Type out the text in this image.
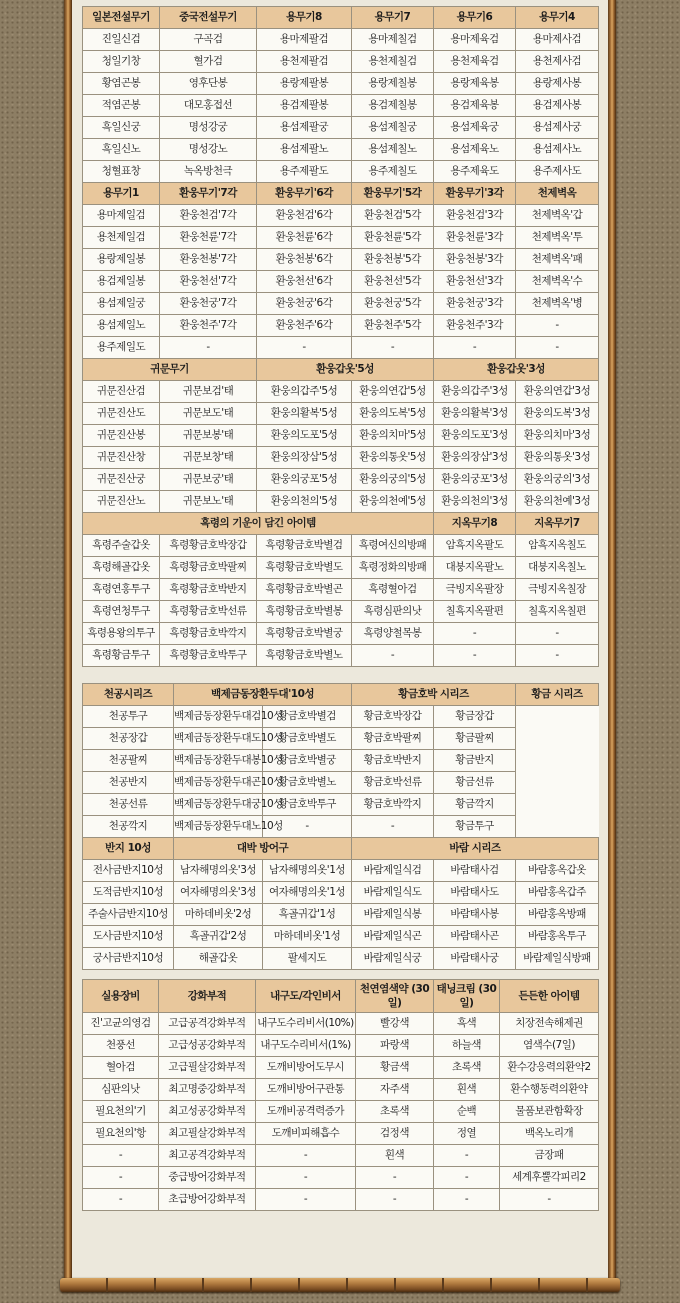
일본전설무기	중국전설무기	용무기8	용무기7	용무기6	용무기4
진일신검	구곡검	용마제팔검	용마제칠검	용마제육검	용마제사검
청일기창	혈가검	용천제팔검	용천제칠검	용천제육검	용천제사검
황염곤봉	영후단봉	용랑제팔봉	용랑제칠봉	용랑제육봉	용랑제사봉
적염곤봉	대모홍접선	용검제팔봉	용검제칠봉	용검제육봉	용검제사봉
흑일신궁	명성강궁	용섬제팔궁	용섬제칠궁	용섬제육궁	용섬제사궁
흑일신노	명성강노	용섬제팔노	용섬제칠노	용섬제육노	용섬제사노
청혈표창	녹옥방천극	용주제팔도	용주제칠도	용주제육도	용주제사도
용무기1	환웅무기'7각	환웅무기'6각	환웅무기'5각	환웅무기'3각	천제벽옥
용마제일검	환웅천검'7각	환웅천검'6각	환웅천검'5각	환웅천검'3각	천제벽옥'갑
용천제일검	환웅천륜'7각	환웅천륜'6각	환웅천륜'5각	환웅천륜'3각	천제벽옥'투
용랑제일봉	환웅천봉'7각	환웅천봉'6각	환웅천봉'5각	환웅천봉'3각	천제벽옥'패
용검제일봉	환웅천선'7각	환웅천선'6각	환웅천선'5각	환웅천선'3각	천제벽옥'수
용섬제일궁	환웅천궁'7각	환웅천궁'6각	환웅천궁'5각	환웅천궁'3각	천제벽옥'병
용섬제일노	환웅천주'7각	환웅천주'6각	환웅천주'5각	환웅천주'3각	-
용주제일도	-	-	-	-	-
귀문무기		환웅갑옷'5성		환웅갑옷'3성	
귀문진산검	귀문보검'태	환웅의갑주'5성	환웅의연갑'5성	환웅의갑주'3성	환웅의연갑'3성
귀문진산도	귀문보도'태	환웅의활복'5성	환웅의도복'5성	환웅의활복'3성	환웅의도복'3성
귀문진산봉	귀문보봉'태	환웅의도포'5성	환웅의치마'5성	환웅의도포'3성	환웅의치마'3성
귀문진산창	귀문보창'태	환웅의장삼'5성	환웅의통옷'5성	환웅의장삼'3성	환웅의통옷'3성
귀문진산궁	귀문보궁'태	환웅의궁포'5성	환웅의궁의'5성	환웅의궁포'3성	환웅의궁의'3성
귀문진산노	귀문보노'태	환웅의천의'5성	환웅의천예'5성	환웅의천의'3성	환웅의천예'3성
흑령의 기운이 담긴 아이템				지옥무기8	지옥무기7
흑령주술갑옷	흑령황금호박장갑	흑령황금호박별검	흑령여신의방패	암흑지옥팔도	암흑지옥칠도
흑령해골갑옷	흑령황금호박팔찌	흑령황금호박별도	흑령정화의방패	대붕지옥팔노	대붕지옥칠노
흑령연홍투구	흑령황금호박반지	흑령황금호박별곤	흑령혈아검	극빙지옥팔장	극빙지옥칠장
흑령연청투구	흑령황금호박선류	흑령황금호박별봉	흑령심판의낫	칠흑지옥팔편	칠흑지옥칠편
흑령용왕의투구	흑령황금호박깍지	흑령황금호박별궁	흑령양철목봉	-	-
흑령황금투구	흑령황금호박투구	흑령황금호박별노	-	-	-
천공시리즈	백제금동장환두대'10성		황금호박 시리즈		황금 시리즈
천공투구	백제금동장환두대검10성	황금호박별검	황금호박장갑	황금장갑	
천공장갑	백제금동장환두대도10성	황금호박별도	황금호박팔찌	황금팔찌	
천공팔찌	백제금동장환두대봉10성	황금호박별궁	황금호박반지	황금반지	
천공반지	백제금동장환두대곤10성	황금호박별노	황금호박선류	황금선류	
천공선류	백제금동장환두대궁10성	황금호박투구	황금호박깍지	황금깍지	
천공깍지	백제금동장환두대노10성	-	-	황금투구	
반지 10성	대박 방어구		바람 시리즈		
전사금반지10성	남자해명의옷'3성	남자해명의옷'1성	바람제일식검	바람태사검	바람홍옥갑옷
도적금반지10성	여자해명의옷'3성	여자해명의옷'1성	바람제일식도	바람태사도	바람홍옥갑주
주술사금반지10성	마하데비옷'2성	흑골귀갑'1성	바람제일식봉	바람태사봉	바람홍옥방패
도사금반지10성	흑골귀갑'2성	마하데비옷'1성	바람제일식곤	바람태사곤	바람홍옥투구
궁사금반지10성	해골갑옷	팔세지도	바람제일식궁	바람태사궁	바람제일식방패
실용장비	강화부적	내구도/각인비서	천연염색약 (30일)	태닝크림 (30일)	든든한 아이템
진'고균의영검	고급공격강화부적	내구도수리비서(10%)	빨강색	흑색	치장전속해제권
천풍선	고급성공강화부적	내구도수리비서(1%)	파랑색	하늘색	염색수(7일)
혈아검	고급필살강화부적	도깨비방어도무시	황금색	초록색	환수강응력의환약2
심판의낫	최고명중강화부적	도깨비방어구관통	자주색	흰색	환수행동력의환약
필요천의'기	최고성공강화부적	도깨비공격력증가	초록색	순백	물품보관함확장
필요천의'항	최고필살강화부적	도깨비피해흡수	검정색	정열	백옥노리개
-	최고공격강화부적	-	흰색	-	금장패
-	중급방어강화부적	-	-	-	세계후뿔각피리2
-	초급방어강화부적	-	-	-	-
